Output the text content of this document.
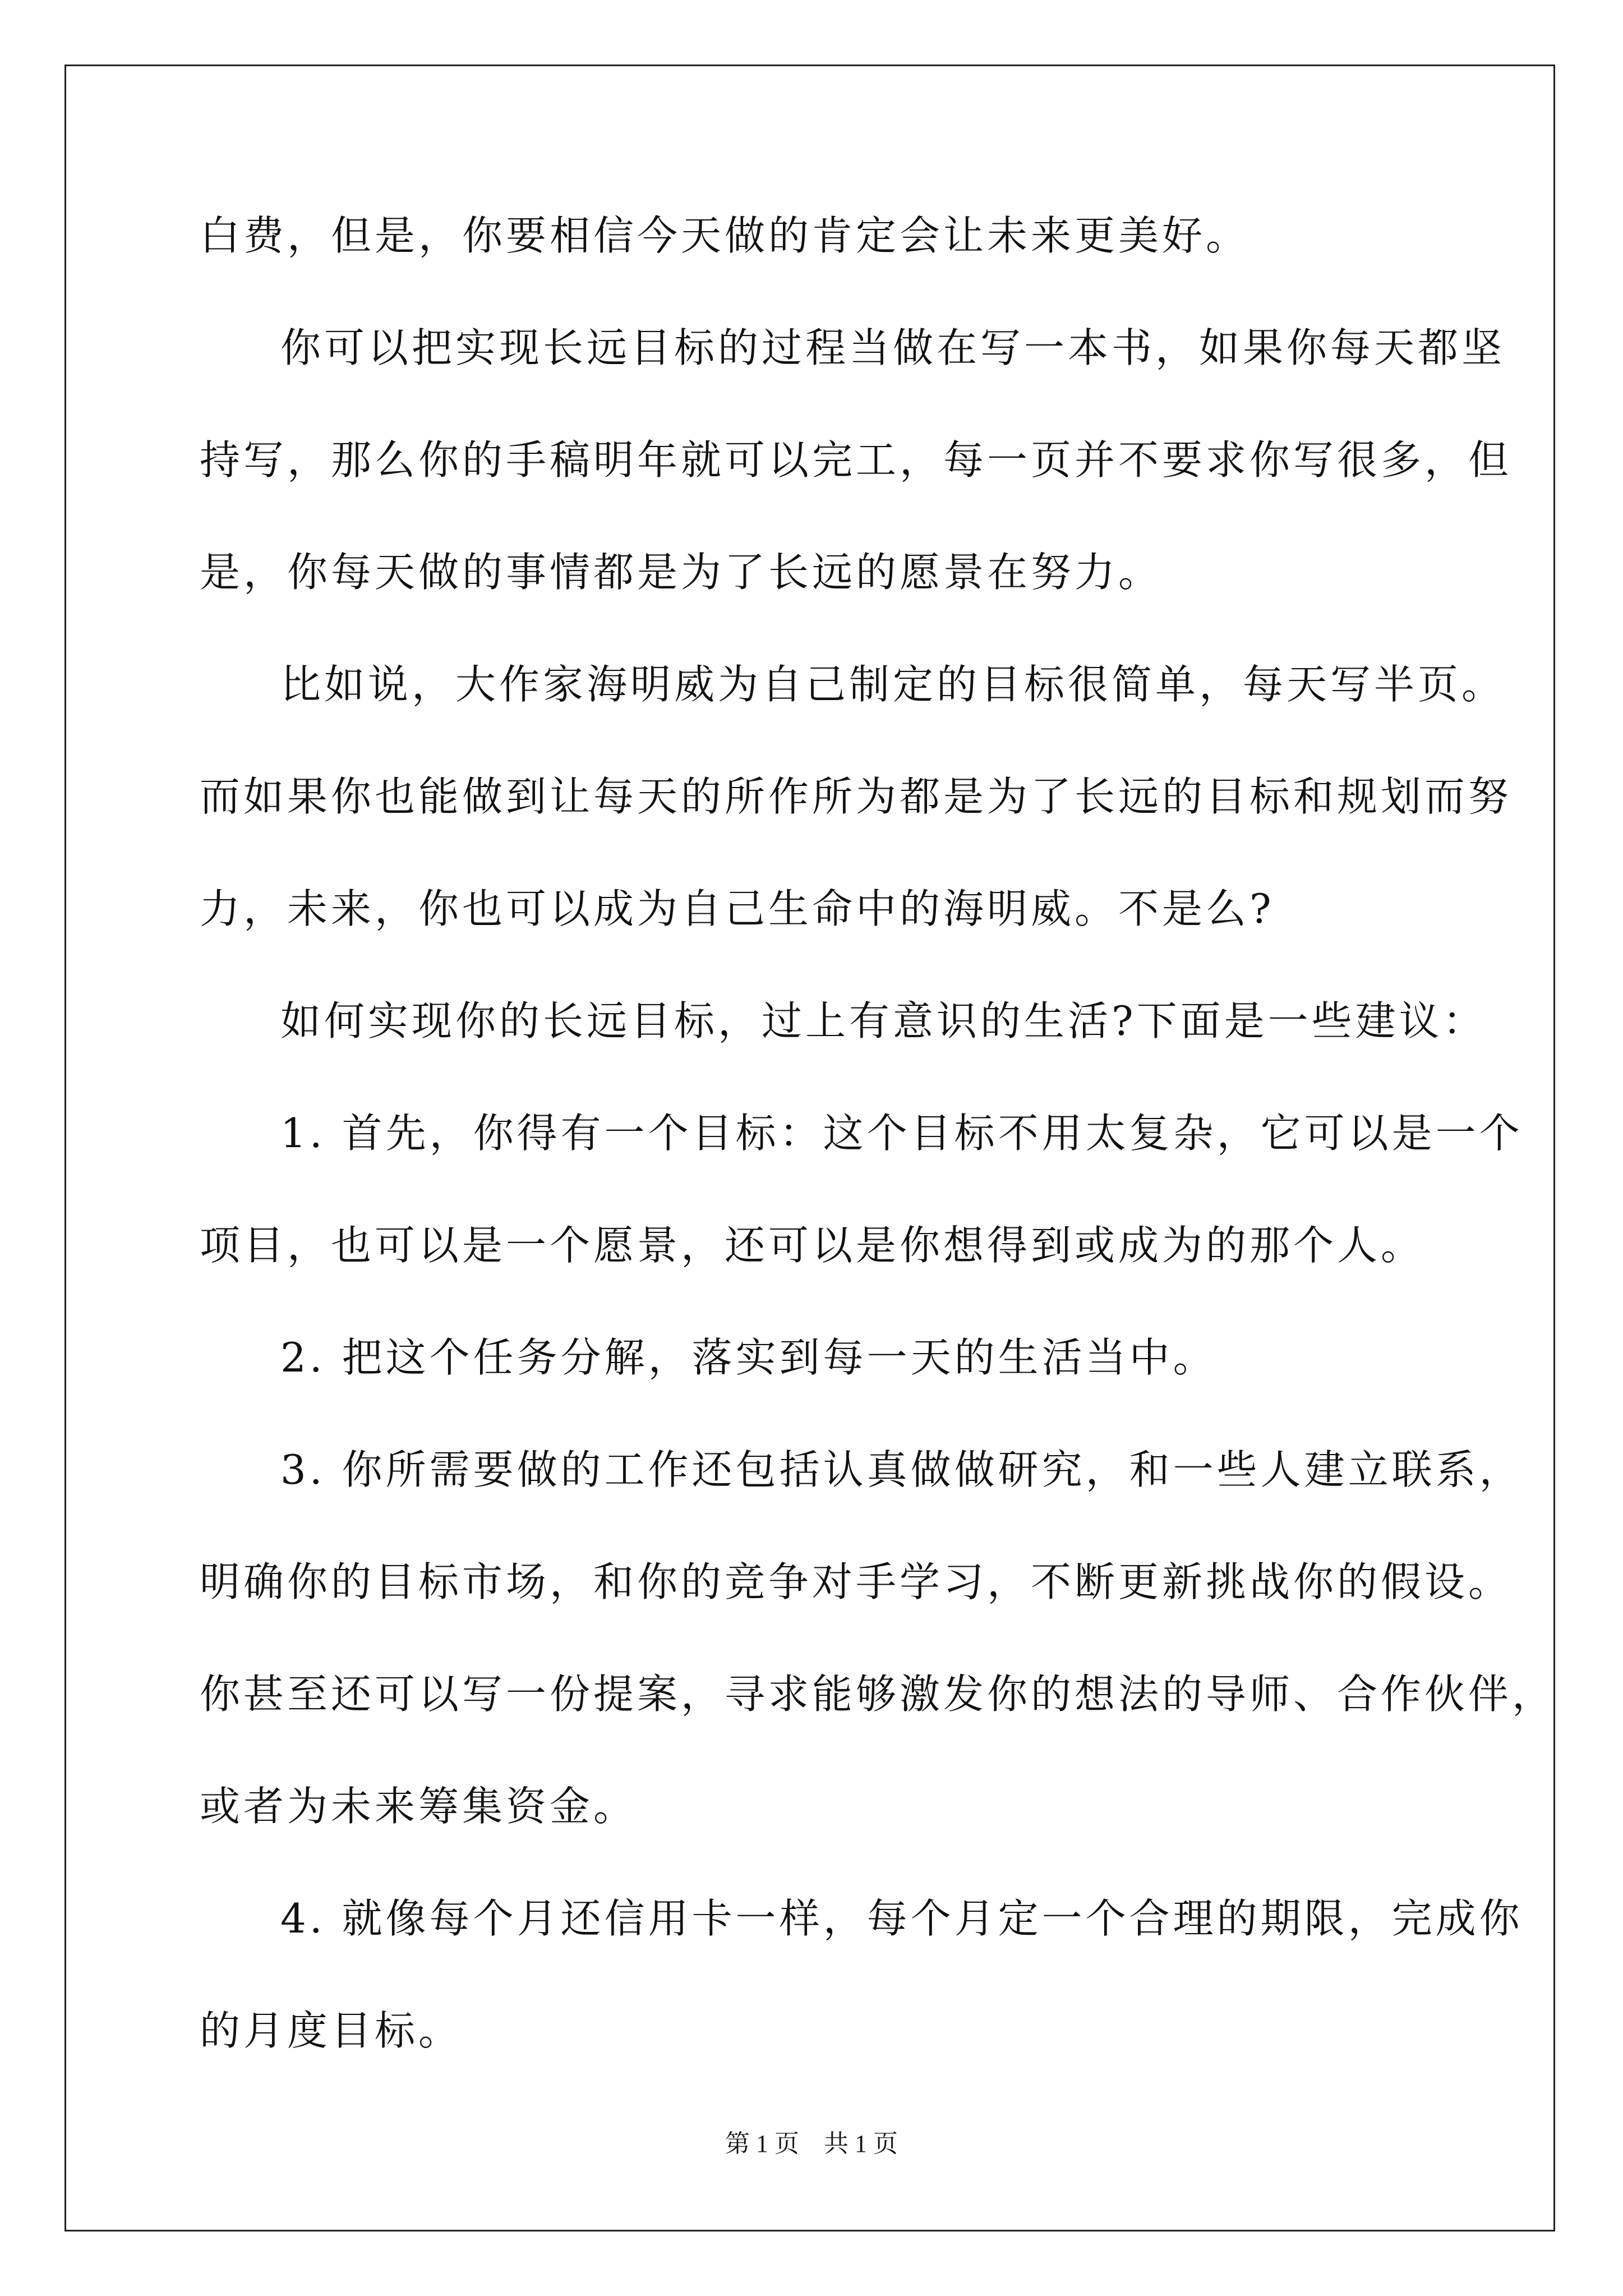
白费，但是，你要相信今天做的肯定会让未来更美好。
你可以把实现长远目标的过程当做在写一本书，如果你每天都坚
持写，那么你的手稿明年就可以完工，每一页并不要求你写很多，但
是，你每天做的事情都是为了长远的愿景在努力。
比如说，大作家海明威为自己制定的目标很简单，每天写半页。
而如果你也能做到让每天的所作所为都是为了长远的目标和规划而努
力，未来，你也可以成为自己生命中的海明威。不是么?
如何实现你的长远目标，过上有意识的生活?下面是一些建议：
1. 首先，你得有一个目标：这个目标不用太复杂，它可以是一个
项目，也可以是一个愿景，还可以是你想得到或成为的那个人。
2. 把这个任务分解，落实到每一天的生活当中。
3. 你所需要做的工作还包括认真做做研究，和一些人建立联系，
明确你的目标市场，和你的竞争对手学习，不断更新挑战你的假设。
你甚至还可以写一份提案，寻求能够激发你的想法的导师、合作伙伴，
或者为未来筹集资金。
4. 就像每个月还信用卡一样，每个月定一个合理的期限，完成你
的月度目标。
第 1 页　共 1 页
